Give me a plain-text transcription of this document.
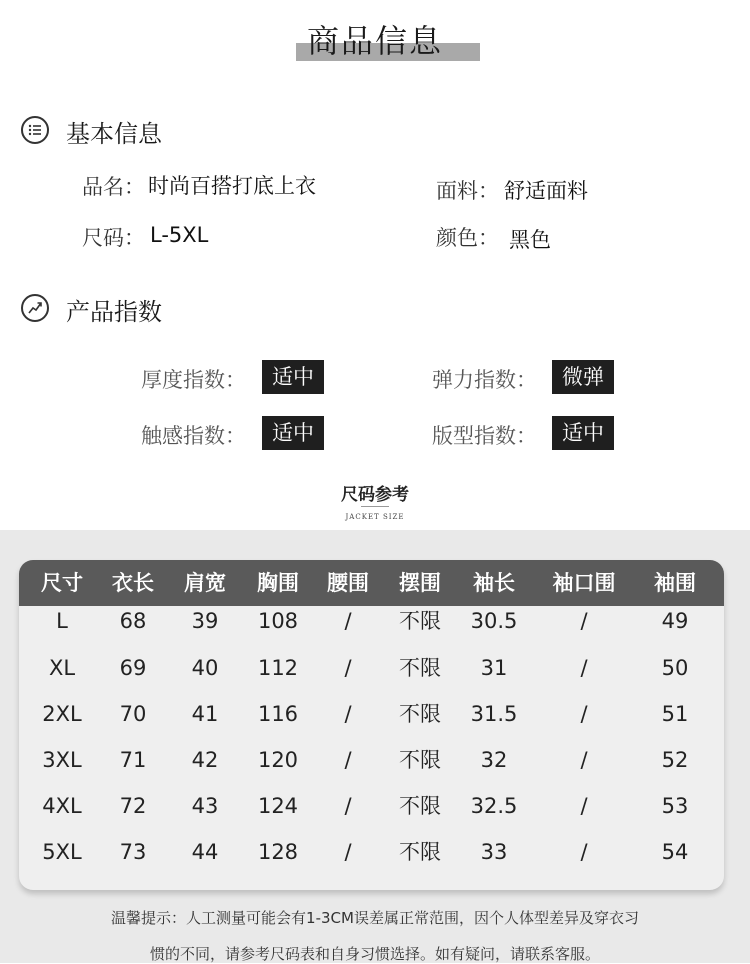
商品信息
基本信息
品名： 时尚百搭打底上衣	面料： 舒适面料
尺码： L-5XL	颜色： 黑色
产品指数
厚度指数：	适中	弹力指数：	微弹
触感指数：	适中	版型指数：	适中
尺码参考
JACKET SIZE
尺寸	衣长	肩宽	胸围	腰围	摆围	袖长	袖口围	袖围
L	68	39	108	/	不限	30.5	/	49
XL	69	40	112	/	不限	31	/	50
2XL	70	41	116	/	不限	31.5	/	51
3XL	71	42	120	/	不限	32	/	52
4XL	72	43	124	/	不限	32.5	/	53
5XL	73	44	128	/	不限	33	/	54
温馨提示：人工测量可能会有1-3CM误差属正常范围，因个人体型差异及穿衣习
惯的不同，请参考尺码表和自身习惯选择。如有疑问，请联系客服。
